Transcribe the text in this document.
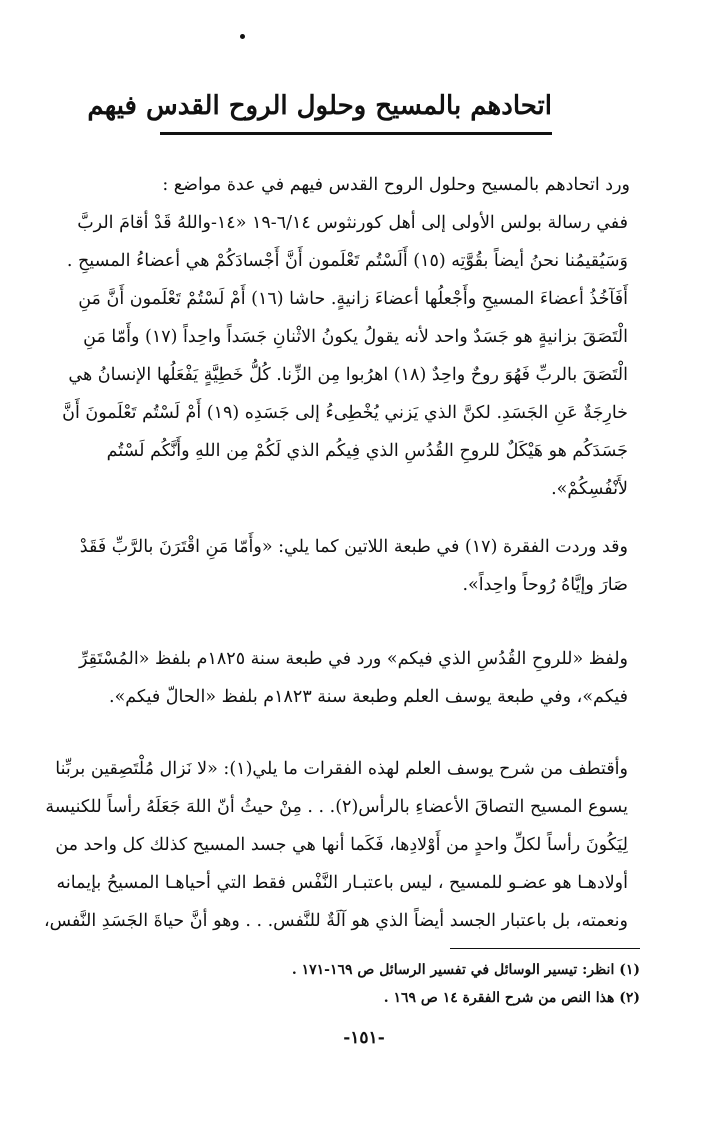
اتحادهم بالمسيح وحلول الروح القدس فيهم
ورد اتحادهم بالمسيح وحلول الروح القدس فيهم في عدة مواضع :
ففي رسالة بولس الأولى إلى أهل كورنثوس ٦/١٤-١٩ «١٤-واللهُ قَدْ أقامَ الربَّ
وَسَيُقيمُنا نحنُ أيضاً بقُوَّتِه (١٥) أَلَسْتُم تَعْلَمون أَنَّ أَجْسادَكُمْ هي أعضاءُ المسيحِ .
أَفَآخُذُ أعضاءَ المسيحِ وأَجْعلُها أعضاءَ زانيةٍ. حاشا (١٦) أَمْ لَسْتُمْ تَعْلَمون أَنَّ مَنِ
الْتَصَقَ بزانيةٍ هو جَسَدٌ واحد لأنه يقولُ يكونُ الاثْنانِ جَسَداً واحِداً (١٧) وأَمّا مَنِ
الْتَصَقَ بالربِّ فَهُوَ روحٌ واحِدٌ (١٨) اهرُبوا مِن الزِّنا. كُلُّ خَطِيَّةٍ يَفْعَلُها الإنسانُ هي
خارِجَةٌ عَنِ الجَسَدِ. لكنَّ الذي يَزني يُخْطِىءُ إلى جَسَدِه (١٩) أَمْ لَسْتُم تَعْلَمونَ أَنَّ
جَسَدَكُم هو هَيْكَلٌ للروحِ القُدُسِ الذي فِيكُم الذي لَكُمْ مِن اللهِ وأَنَّكُم لَسْتُم
لأَنْفُسِكُمْ».
وقد وردت الفقرة (١٧) في طبعة اللاتين كما يلي: «وأَمّا مَنِ اقْتَرَنَ بالرَّبِّ فَقَدْ
صَارَ وإيَّاهُ رُوحاً واحِداً».
ولفظ «للروحِ القُدُسِ الذي فيكم» ورد في طبعة سنة ١٨٢٥م بلفظ «المُسْتَقِرِّ
فيكم»، وفي طبعة يوسف العلم وطبعة سنة ١٨٢٣م بلفظ «الحالّ فيكم».
وأقتطف من شرح يوسف العلم لهذه الفقرات ما يلي(١): «لا نَزال مُلْتَصِقين بربِّنا
يسوع المسيح التصاقَ الأعضاءِ بالرأس(٢). . . مِنْ حيثُ أنّ اللهَ جَعَلَهُ رأساً للكنيسة
لِيَكُونَ رأساً لكلِّ واحدٍ من أَوْلادِها، فَكَما أنها هي جسد المسيح كذلك كل واحد من
أولادهـا هو عضـو للمسيح ، ليس باعتبـار النَّفْس فقط التي أحياهـا المسيحُ بإيمانه
ونعمته، بل باعتبار الجسد أيضاً الذي هو آلَةٌ للنَّفس. . . وهو أنَّ حياةَ الجَسَدِ النَّفس،
(١) انظر: تيسير الوسائل في تفسير الرسائل ص ١٦٩-١٧١ .
(٢) هذا النص من شرح الفقرة ١٤ ص ١٦٩ .
-١٥١-
